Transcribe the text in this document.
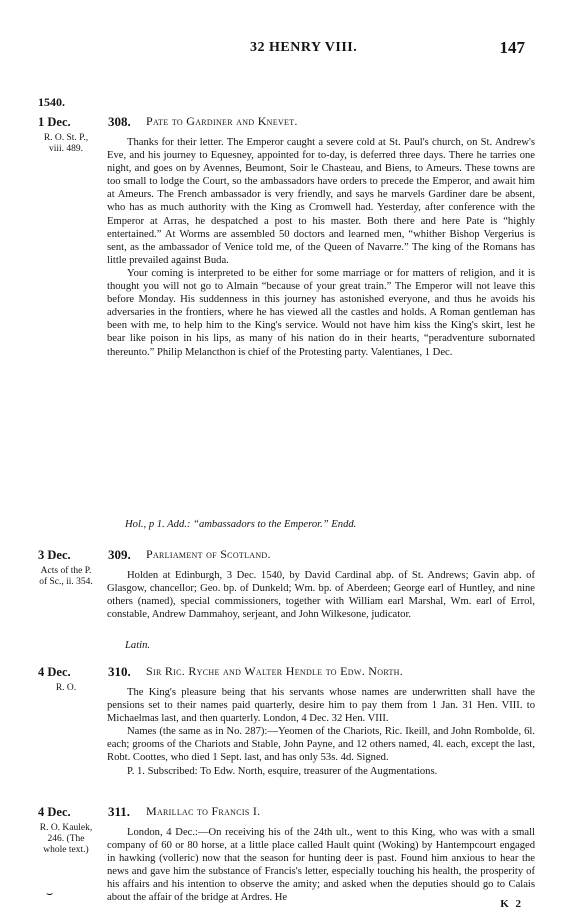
32 HENRY VIII.	147
1540.
1 Dec.
R. O. St. P., viii. 489.
308. Pate to Gardiner and Knevet.

Thanks for their letter. The Emperor caught a severe cold at St. Paul's church, on St. Andrew's Eve, and his journey to Equesney, appointed for to-day, is deferred three days. There he tarries one night, and goes on by Avennes, Beumont, Soir le Chasteau, and Biens, to Ameurs. These towns are too small to lodge the Court, so the ambassadors have orders to precede the Emperor, and await him at Ameurs. The French ambassador is very friendly, and says he marvels Gardiner dare be absent, who has as much authority with the King as Cromwell had. Yesterday, after conference with the Emperor at Arras, he despatched a post to his master. Both there and here Pate is “highly entertained.” At Worms are assembled 50 doctors and learned men, “whither Bishop Vergerius is sent, as the ambassador of Venice told me, of the Queen of Navarre.” The king of the Romans has little prevailed against Buda.

Your coming is interpreted to be either for some marriage or for matters of religion, and it is thought you will not go to Almain “because of your great train.” The Emperor will not leave this before Monday. His suddenness in this journey has astonished everyone, and thus he avoids his adversaries in the frontiers, where he has viewed all the castles and holds. A Roman gentleman has been with me, to help him to the King's service. Would not have him kiss the King's skirt, lest he bear like poison in his lips, as many of his nation do in their hearts, “peradventure subornated thereunto.” Philip Melancthon is chief of the Protesting party. Valentianes, 1 Dec.

Hol., p 1. Add.: “ambassadors to the Emperor.” Endd.
3 Dec.
Acts of the P. of Sc., ii. 354.
309. Parliament of Scotland.

Holden at Edinburgh, 3 Dec. 1540, by David Cardinal abp. of St. Andrews; Gavin abp. of Glasgow, chancellor; Geo. bp. of Dunkeld; Wm. bp. of Aberdeen; George earl of Huntley, and nine others (named), special commissioners, together with William earl Marshal, Wm. earl of Errol, constable, Andrew Dammahoy, serjeant, and John Wilkesone, judicator.

Latin.
4 Dec.
R. O.
310. Sir Ric. Ryche and Walter Hendle to Edw. North.

The King's pleasure being that his servants whose names are underwritten shall have the pensions set to their names paid quarterly, desire him to pay them from 1 Jan. 31 Hen. VIII. to Michaelmas last, and then quarterly. London, 4 Dec. 32 Hen. VIII.

Names (the same as in No. 287):—Yeomen of the Chariots, Ric. Ikeill, and John Rombolde, 6l. each; grooms of the Chariots and Stable, John Payne, and 12 others named, 4l. each, except the last, Robt. Coottes, who died 1 Sept. last, and has only 53s. 4d. Signed.

P. 1. Subscribed: To Edw. North, esquire, treasurer of the Augmentations.

4 Dec.
R. O. Kaulek, 246. (The whole text.)
311. Marillac to Francis I.

London, 4 Dec.:—On receiving his of the 24th ult., went to this King, who was with a small company of 60 or 80 horse, at a little place called Hault quint (Woking) by Hantempcourt engaged in hawking (volleric) now that the season for hunting deer is past. Found him anxious to hear the news and gave him the substance of Francis's letter, especially touching his health, the prosperity of his affairs and his intention to observe the amity; and asked when the deputies should go to Calais about the affair of the bridge at Ardres. He

⌣
K 2
